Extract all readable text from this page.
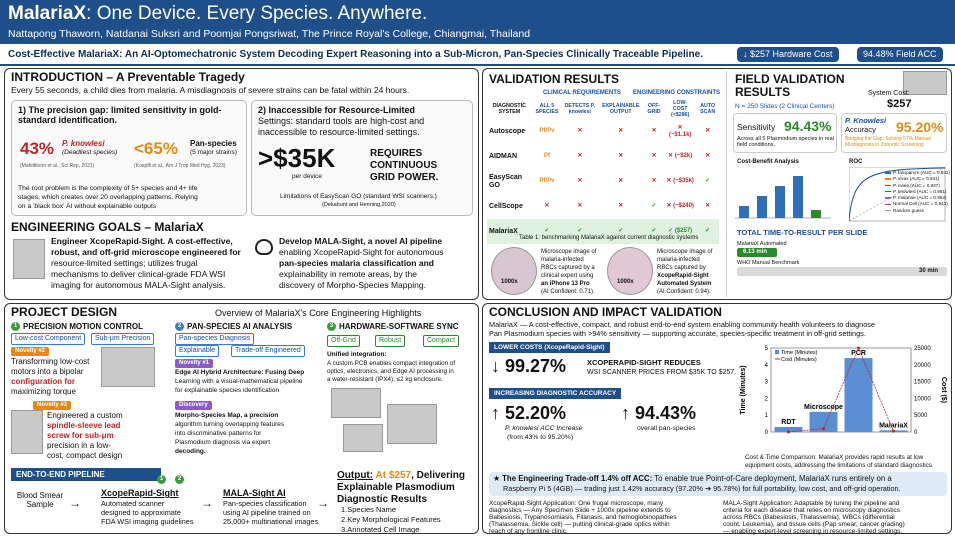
MalariaX: One Device. Every Species. Anywhere.
Nattapong Thaworn, Natdanai Suksri and Poomjai Pongsriwat, The Prince Royal's College, Chiangmai, Thailand
Cost-Effective MalariaX: An AI-Optomechatronic System Decoding Expert Reasoning into a Sub-Micron, Pan-Species Clinically Traceable Pipeline.	↓ $257 Hardware Cost	94.48% Field ACC
INTRODUCTION – A Preventable Tragedy
Every 55 seconds, a child dies from malaria. A misdiagnosis of severe strains can be fatal within 24 hours.
1) The precision gap: limited sensitivity in gold-standard identification.
43% P. knowlesi
(Deadliest species) <65% Pan-species
(5 major strains)
(Mahittikorn et al., Sci Rep, 2021)	(Koepfli et al., Am J Trop Med Hyg, 2023)
The root problem is the complexity of 5+ species and 4+ life
stages, which creates over 20 overlapping patterns. Relying
on a 'black box' AI without explainable outputs
2) Inaccessible for Resource-Limited
Settings: standard tools are high-cost and
inaccessible to resource-limited settings.
>$35K
per device
REQUIRES
CONTINUOUS
GRID POWER.
Limitations of EasyScan GO (standard WSI scanners.)
(Dekahunt and Henning,2020)
ENGINEERING GOALS – MalariaX
Engineer XcopeRapid-Sight. A cost-effective,
robust, and off-grid microscope engineered for
resource-limited settings; utilizes frugal
mechanisms to deliver clinical-grade FDA WSI
imaging for autonomous MALA-Sight analysis.
Develop MALA-Sight, a novel AI pipeline
enabling XcopeRapid-Sight for autonomous
pan-species malaria classification and
explainability in remote areas, by the
discovery of Morpho-Species Mapping.
VALIDATION RESULTS
CLINICAL REQUIREMENTS ENGINEERING CONSTRAINTS
DIAGNOSTIC SYSTEM	ALL 5 SPECIES	DETECTS P. knowlesi	EXPLAINABLE OUTPUT	OFF-GRID	LOW-COST (<$286)	AUTO SCAN
Autoscope	Pf/Pv	✕	✕	✕	✕ (~$1.1k)	✕
AIDMAN	Pf	✕	✕	✕	✕ (~$2k)	✕
EasyScan GO	Pf/Pv	✕	✕	✕	✕ (~$35k)	✓
CellScope	✕	✕	✕	✓	✕ (~$240)	✕
MalariaX	✓	✓	✓	✓	✓ ($257)	✓
Table 1: benchmarking MalariaX against current diagnostic systems
1000x
Microscope image of
malaria-infected
RBCs captured by a
clinical expert using
an iPhone 13 Pro
(AI Confident: 0.71).
1000x
Microscope image of
malaria-infected
RBCs captured by
XcopeRapid-Sight
Automated System
(AI Confident: 0.94).
FIELD VALIDATION
RESULTS
N = 250 Slides (2 Clinical Centers)
System Cost:
$257
Sensitivity 94.43%
Across all 5 Plasmodium species in real field conditions.
P. Knowlesi
Accuracy 95.20%
Bridging the Gap: Solving 57% Manual Misdiagnosis in Zoonotic Screening
Cost-Benefit Analysis	ROC
P. falciparum (AUC = 0.942)
P. vivax (AUC = 0.941)
P. ovale (AUC = 0.937)
P. knowlesi (AUC = 0.951)
P. malariae (AUC = 0.952)
Normal Cell (AUC = 0.943)
Random guess
TOTAL TIME-TO-RESULT PER SLIDE
MalariaX Automated
6.13 min
WHO Manual Benchmark
30 min
PROJECT DESIGN	Overview of MalariaX's Core Engineering Highlights
1 PRECISION MOTION CONTROL
Low-cost Component	Sub-μm Precision
Novelty #2
Transforming low-cost
motors into a bipolar
configuration for
maximizing torque
Novelty #3
Engineered a custom
spindle-sleeve lead
screw for sub-μm
precision in a low-
cost, compact design
2 PAN-SPECIES AI ANALYSIS
Pan-species Diagnosis
Explainable	Trade-off Engineered
Novelty #1
Edge AI Hybrid Architecture: Fusing Deep
Learning with a visual-mathematical pipeline
for explainable species identification
Discovery
Morpho-Species Map, a precision
algorithm turning overlapping features
into discriminative patterns for
Plasmodium diagnosis via expert
decoding.
3 HARDWARE-SOFTWARE SYNC
Off-Grid	Robust	Compact
Unified integration:
A custom PCB enables compact integration of
optics, electronics, and Edge AI processing in
a water-resistant (IPX4), ≤2 kg enclosure.
END-TO-END PIPELINE	1	2
Blood Smear Sample	→
XcopeRapid-Sight
Automated scanner
designed to approximate
FDA WSI imaging guidelines
→
MALA-Sight AI
Pan-species classification
using AI pipeline trained on
25,000+ multinational images
→
Output: At $257, Delivering
Explainable Plasmodium
Diagnostic Results
1.Species Name
2.Key Morphological Features
3.Annotated Cell Image
CONCLUSION AND IMPACT VALIDATION
MalariaX — A cost-effective, compact, and robust end-to-end system enabling community health volunteers to diagnose
Pan Plasmodium species with >94% sensitivity — supporting accurate, species-specific treatment in off-grid settings.
LOWER COSTS (XcopeRapid-Sight)
↓ 99.27%	XCOPERAPID-SIGHT REDUCES
WSI SCANNER PRICES FROM $35K TO $257.
INCREASING DIAGNOSTIC ACCURACY
↑ 52.20%
P. knowlesi ACC Increase
(from 43% to 95.20%)
↑ 94.43%
overall pan-species
0
1
2
3
4
5
0
5000
10000
15000
20000
25000
Time (Minutes)	Cost ($)
RDT
Microscope
PCR
MalariaX
Time (Minutes)
Cost (Minutes)
Cost & Time Comparison: MalariaX provides rapid results at low
equipment costs, addressing the limitations of standard diagnostics.
★ The Engineering Trade-off 1.4% off ACC: To enable true Point-of-Care deployment, MalariaX runs entirely on a
Raspberry Pi 5 (4GB) — trading just 1.42% accuracy (97.20% ➔ 95.78%) for full portability, low cost, and off-grid operation.
XcopeRapid-Sight Application: One frugal microscope, many
diagnostics — Any Specimen Slide + 1000x pipeline extends to
Babesiosis, Trypanosomiasis, Filariasis, and hemoglobinopathies
(Thalassemia, Sickle cell) — putting clinical-grade optics within
reach of any frontline clinic.
MALA-Sight Application: Adaptable by tuning the pipeline and
criteria for each disease that relies on microscopy diagnostics
across RBCs (Babesiosis, Thalassemia), WBCs (differential
count, Leukemia), and tissue cells (Pap smear, cancer grading)
— enabling expert-level screening in resource-limited settings.
